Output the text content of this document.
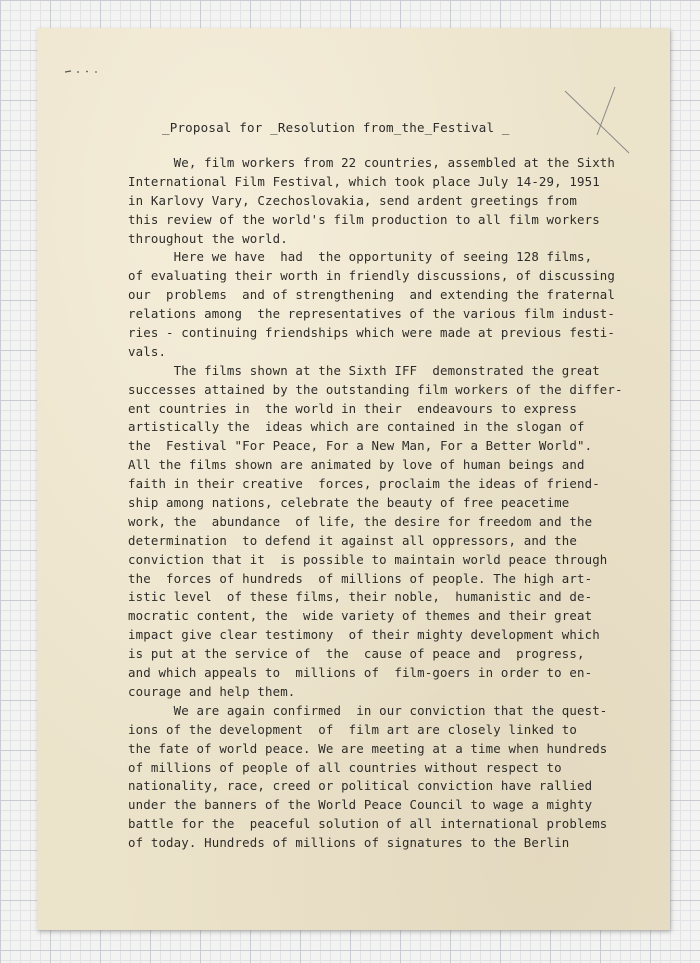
_Proposal for _Resolution from_the_Festival _
We, film workers from 22 countries, assembled at the Sixth
International Film Festival, which took place July 14-29, 1951
in Karlovy Vary, Czechoslovakia, send ardent greetings from
this review of the world's film production to all film workers
throughout the world.
Here we have  had  the opportunity of seeing 128 films,
of evaluating their worth in friendly discussions, of discussing
our  problems  and of strengthening  and extending the fraternal
relations among  the representatives of the various film indust-
ries - continuing friendships which were made at previous festi-
vals.
The films shown at the Sixth IFF  demonstrated the great
successes attained by the outstanding film workers of the differ-
ent countries in  the world in their  endeavours to express
artistically the  ideas which are contained in the slogan of
the  Festival "For Peace, For a New Man, For a Better World".
All the films shown are animated by love of human beings and
faith in their creative  forces, proclaim the ideas of friend-
ship among nations, celebrate the beauty of free peacetime
work, the  abundance  of life, the desire for freedom and the
determination  to defend it against all oppressors, and the
conviction that it  is possible to maintain world peace through
the  forces of hundreds  of millions of people. The high art-
istic level  of these films, their noble,  humanistic and de-
mocratic content, the  wide variety of themes and their great
impact give clear testimony  of their mighty development which
is put at the service of  the  cause of peace and  progress,
and which appeals to  millions of  film-goers in order to en-
courage and help them.
We are again confirmed  in our conviction that the quest-
ions of the development  of  film art are closely linked to
the fate of world peace. We are meeting at a time when hundreds
of millions of people of all countries without respect to
nationality, race, creed or political conviction have rallied
under the banners of the World Peace Council to wage a mighty
battle for the  peaceful solution of all international problems
of today. Hundreds of millions of signatures to the Berlin
